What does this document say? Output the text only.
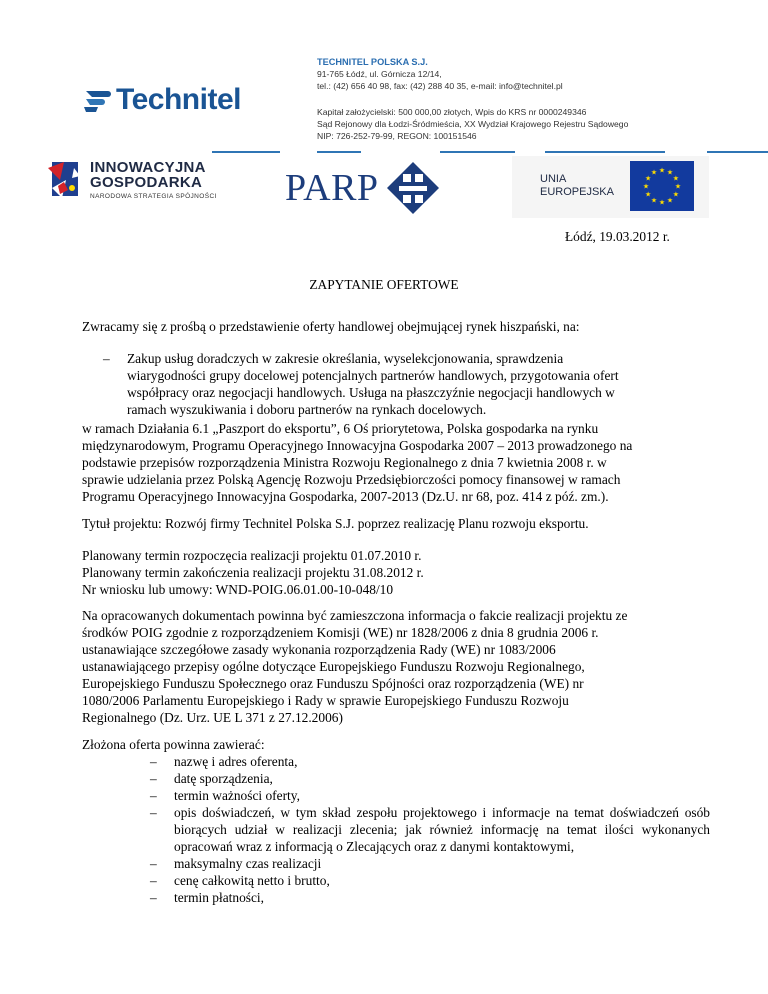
Technitel
TECHNITEL POLSKA S.J.
91-765 Łódź, ul. Górnicza 12/14,
tel.: (42) 656 40 98, fax: (42) 288 40 35, e-mail: info@technitel.pl
Kapitał założycielski: 500 000,00 złotych, Wpis do KRS nr 0000249346
Sąd Rejonowy dla Łodzi-Śródmieścia, XX Wydział Krajowego Rejestru Sądowego
NIP: 726-252-79-99, REGON: 100151546
INNOWACYJNA
GOSPODARKA
NARODOWA STRATEGIA SPÓJNOŚCI PARP	UNIA
EUROPEJSKA
★ ★
★
★
★
★
★
★
★
★
★
★
Łódź, 19.03.2012 r.
ZAPYTANIE OFERTOWE
Zwracamy się z prośbą o przedstawienie oferty handlowej obejmującej rynek hiszpański, na:
– Zakup usług doradczych w zakresie określania, wyselekcjonowania, sprawdzenia
wiarygodności grupy docelowej potencjalnych partnerów handlowych, przygotowania ofert
współpracy oraz negocjacji handlowych. Usługa na płaszczyźnie negocjacji handlowych w
ramach wyszukiwania i doboru partnerów na rynkach docelowych.
w ramach Działania 6.1 „Paszport do eksportu”, 6 Oś priorytetowa, Polska gospodarka na rynku
międzynarodowym, Programu Operacyjnego Innowacyjna Gospodarka 2007 – 2013 prowadzonego na
podstawie przepisów rozporządzenia Ministra Rozwoju Regionalnego z dnia 7 kwietnia 2008 r. w
sprawie udzielania przez Polską Agencję Rozwoju Przedsiębiorczości pomocy finansowej w ramach
Programu Operacyjnego Innowacyjna Gospodarka, 2007-2013 (Dz.U. nr 68, poz. 414 z póź. zm.).
Tytuł projektu: Rozwój firmy Technitel Polska S.J. poprzez realizację Planu rozwoju eksportu.
Planowany termin rozpoczęcia realizacji projektu 01.07.2010 r.
Planowany termin zakończenia realizacji projektu 31.08.2012 r.
Nr wniosku lub umowy: WND-POIG.06.01.00-10-048/10
Na opracowanych dokumentach powinna być zamieszczona informacja o fakcie realizacji projektu ze
środków POIG zgodnie z rozporządzeniem Komisji (WE) nr 1828/2006 z dnia 8 grudnia 2006 r.
ustanawiające szczegółowe zasady wykonania rozporządzenia Rady (WE) nr 1083/2006
ustanawiającego przepisy ogólne dotyczące Europejskiego Funduszu Rozwoju Regionalnego,
Europejskiego Funduszu Społecznego oraz Funduszu Spójności oraz rozporządzenia (WE) nr
1080/2006 Parlamentu Europejskiego i Rady w sprawie Europejskiego Funduszu Rozwoju
Regionalnego (Dz. Urz. UE L 371 z 27.12.2006)
Złożona oferta powinna zawierać:
–	nazwę i adres oferenta,
–	datę sporządzenia,
–	termin ważności oferty,
–	opis doświadczeń, w tym skład zespołu projektowego i informacje na temat doświadczeń osób biorących udział w realizacji zlecenia; jak również informację na temat ilości wykonanych opracowań wraz z informacją o Zlecających oraz z danymi kontaktowymi,
–	maksymalny czas realizacji
–	cenę całkowitą netto i brutto,
–	termin płatności,
